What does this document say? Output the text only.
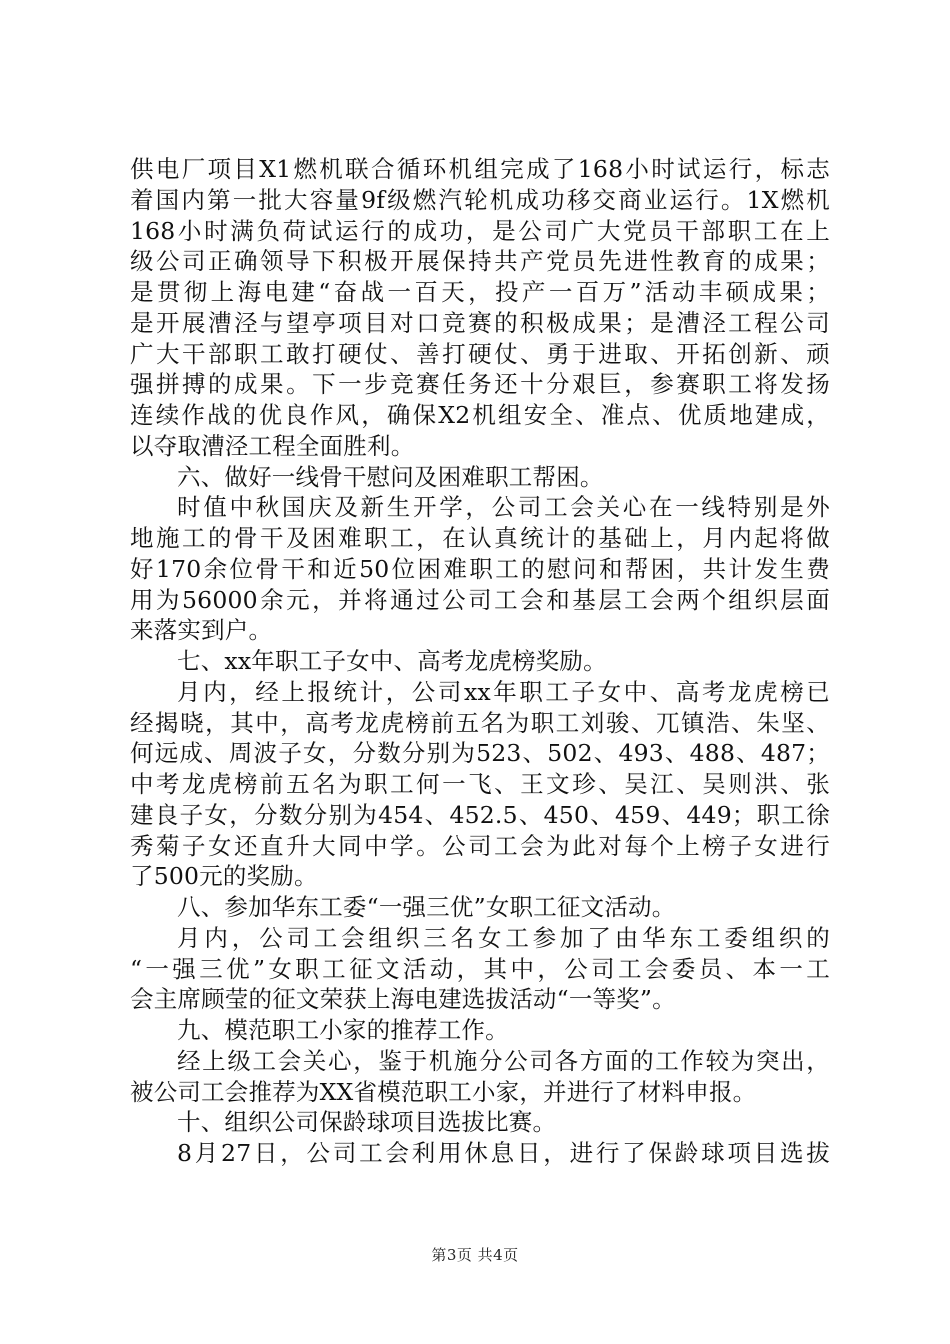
供电厂项目X1燃机联合循环机组完成了168小时试运行，标志
着国内第一批大容量9f级燃汽轮机成功移交商业运行。1X燃机
168小时满负荷试运行的成功，是公司广大党员干部职工在上
级公司正确领导下积极开展保持共产党员先进性教育的成果；
是贯彻上海电建“奋战一百天，投产一百万”活动丰硕成果；
是开展漕泾与望亭项目对口竞赛的积极成果；是漕泾工程公司
广大干部职工敢打硬仗、善打硬仗、勇于进取、开拓创新、顽
强拼搏的成果。下一步竞赛任务还十分艰巨，参赛职工将发扬
连续作战的优良作风，确保X2机组安全、准点、优质地建成，
以夺取漕泾工程全面胜利。
六、做好一线骨干慰问及困难职工帮困。
时值中秋国庆及新生开学，公司工会关心在一线特别是外
地施工的骨干及困难职工，在认真统计的基础上，月内起将做
好170余位骨干和近50位困难职工的慰问和帮困，共计发生费
用为56000余元，并将通过公司工会和基层工会两个组织层面
来落实到户。
七、xx年职工子女中、高考龙虎榜奖励。
月内，经上报统计，公司xx年职工子女中、高考龙虎榜已
经揭晓，其中，高考龙虎榜前五名为职工刘骏、兀镇浩、朱坚、
何远成、周波子女，分数分别为523、502、493、488、487；
中考龙虎榜前五名为职工何一飞、王文珍、吴江、吴则洪、张
建良子女，分数分别为454、452.5、450、459、449；职工徐
秀菊子女还直升大同中学。公司工会为此对每个上榜子女进行
了500元的奖励。
八、参加华东工委“一强三优”女职工征文活动。
月内，公司工会组织三名女工参加了由华东工委组织的
“一强三优”女职工征文活动，其中，公司工会委员、本一工
会主席顾莹的征文荣获上海电建选拔活动“一等奖”。
九、模范职工小家的推荐工作。
经上级工会关心，鉴于机施分公司各方面的工作较为突出，
被公司工会推荐为XX省模范职工小家，并进行了材料申报。
十、组织公司保龄球项目选拔比赛。
8月27日，公司工会利用休息日，进行了保龄球项目选拔
第3页 共4页
